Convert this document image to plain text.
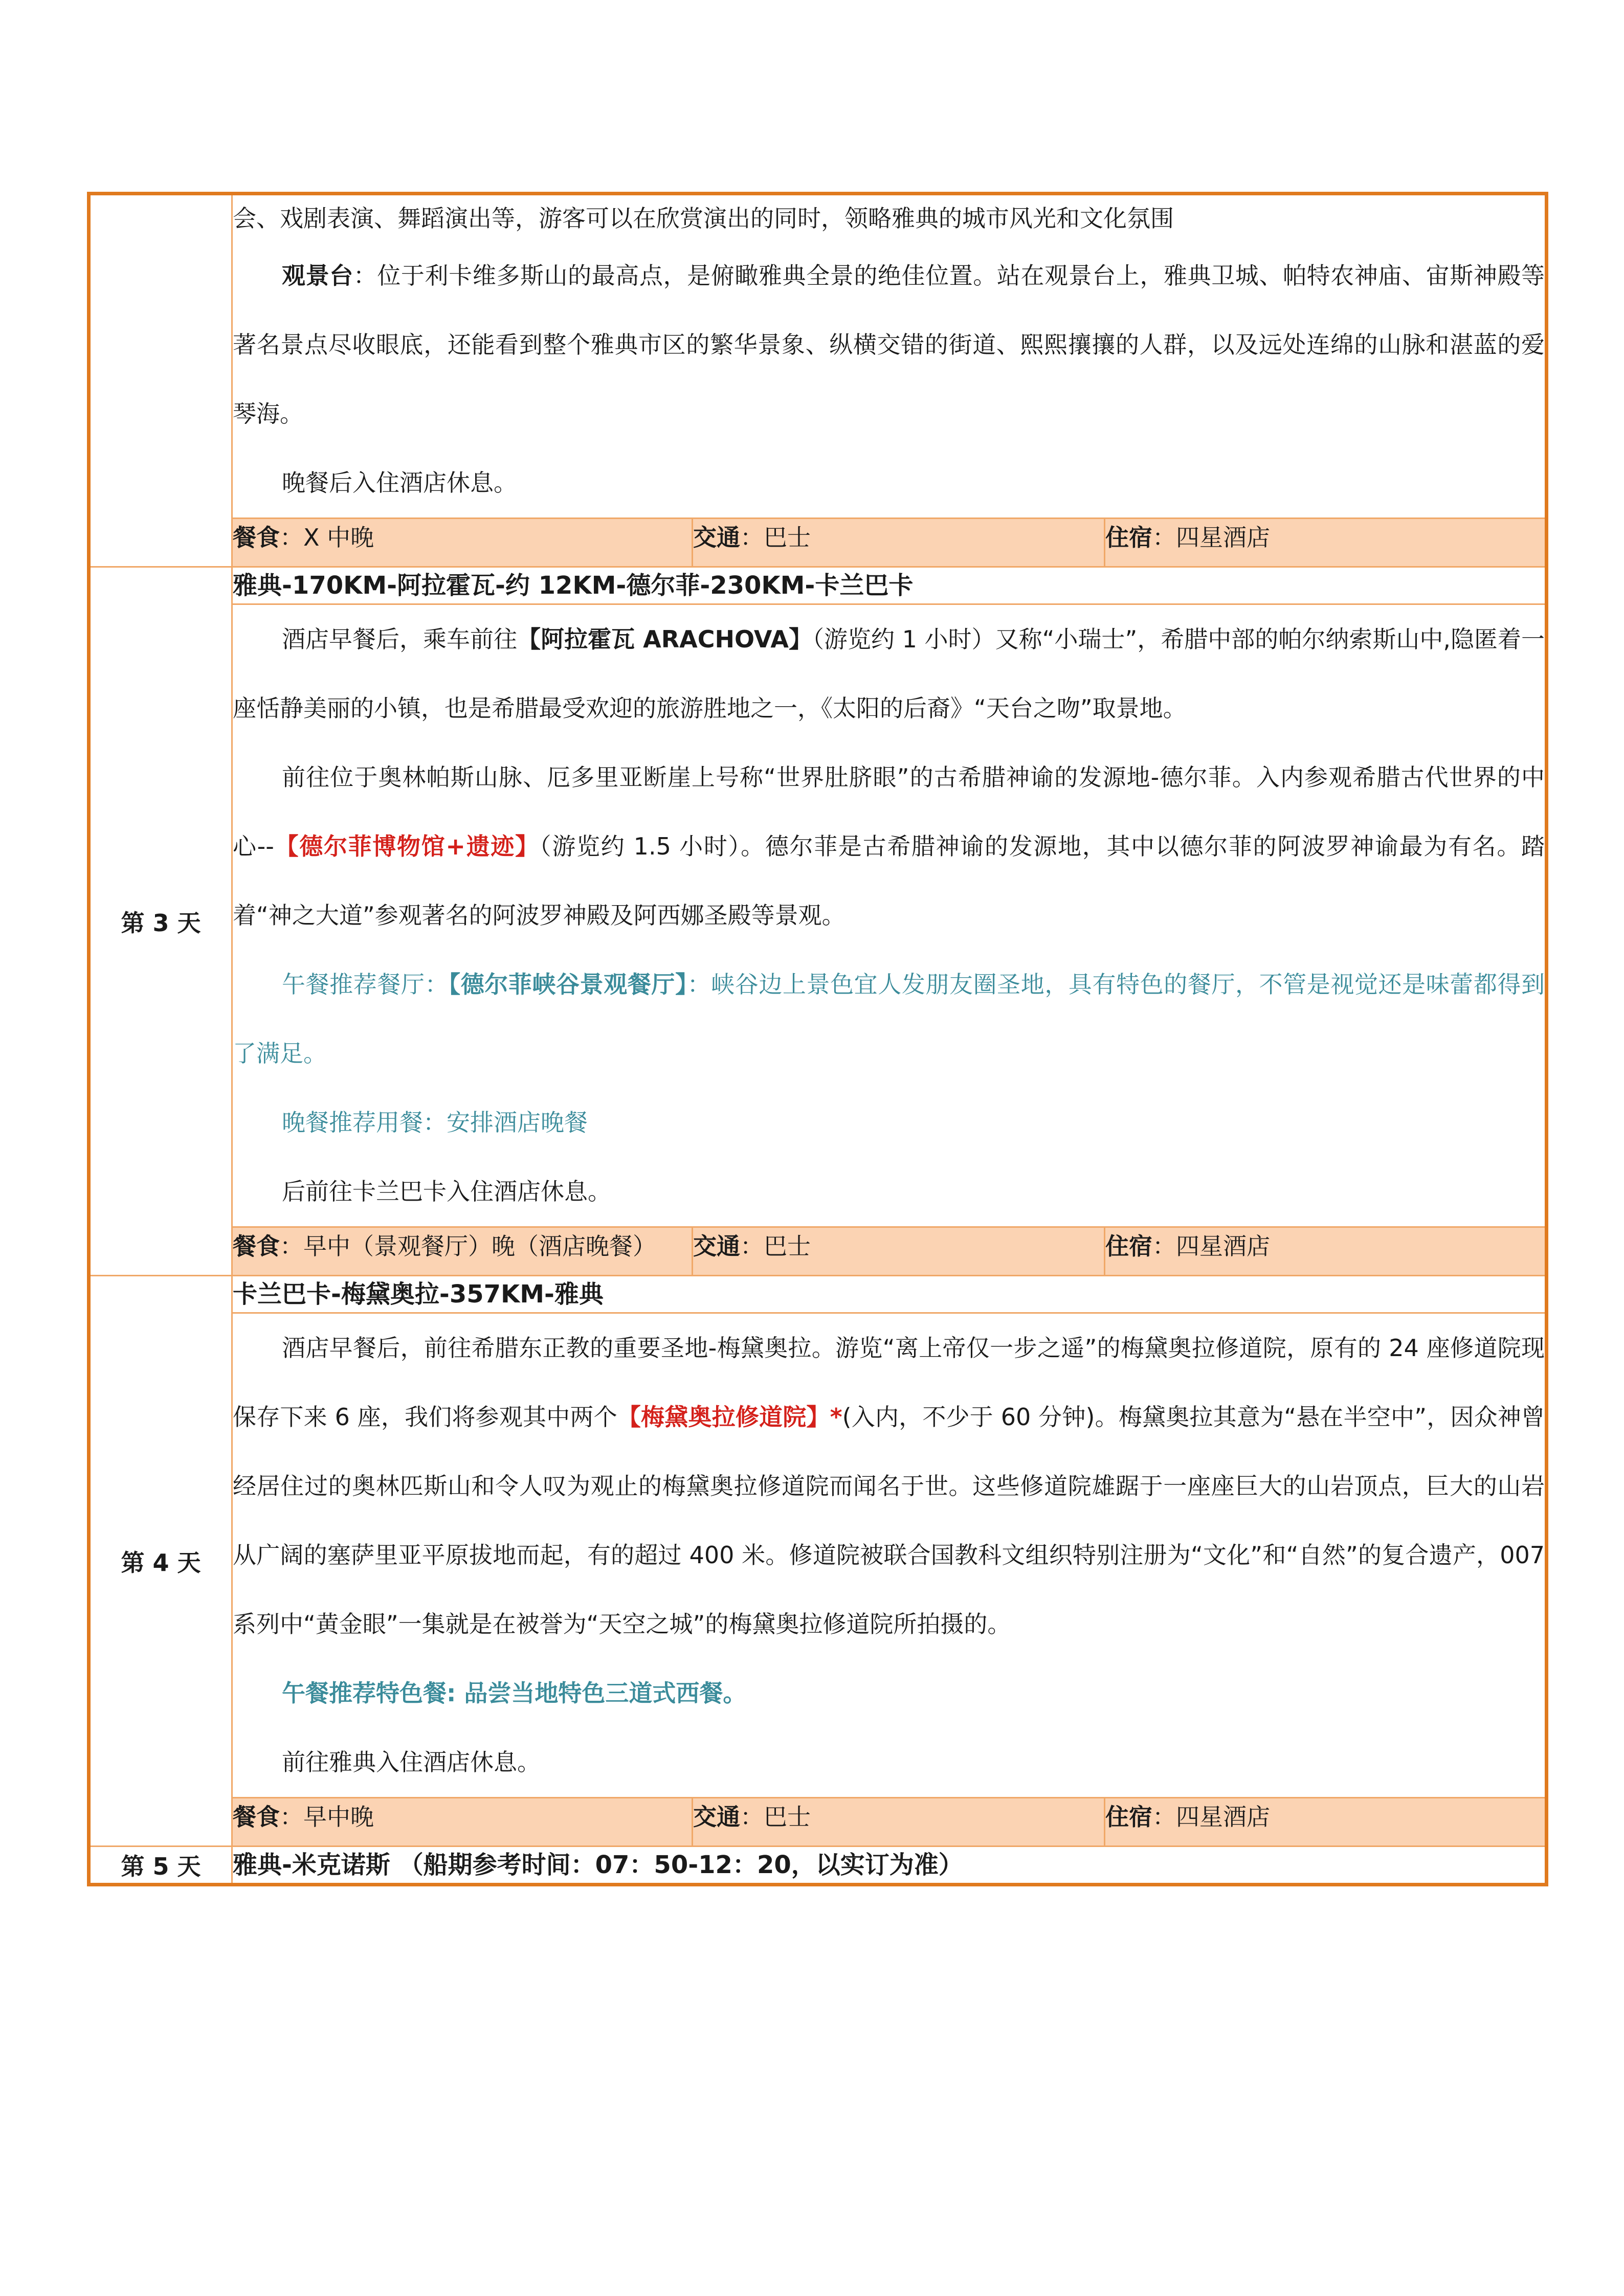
	会、戏剧表演、舞蹈演出等，游客可以在欣赏演出的同时，领略雅典的城市风光和文化氛围

观景台：位于利卡维多斯山的最高点，是俯瞰雅典全景的绝佳位置。站在观景台上，雅典卫城、帕特农神庙、宙斯神殿等著名景点尽收眼底，还能看到整个雅典市区的繁华景象、纵横交错的街道、熙熙攘攘的人群，以及远处连绵的山脉和湛蓝的爱琴海。

晚餐后入住酒店休息。		

	餐食：X 中晚	交通：巴士	住宿：四星酒店
第 3 天	雅典-170KM-阿拉霍瓦-约 12KM-德尔菲-230KM-卡兰巴卡		

	酒店早餐后，乘车前往【阿拉霍瓦 ARACHOVA】（游览约 1 小时）又称“小瑞士”，希腊中部的帕尔纳索斯山中,隐匿着一座恬静美丽的小镇，也是希腊最受欢迎的旅游胜地之一，《太阳的后裔》“天台之吻”取景地。

前往位于奥林帕斯山脉、厄多里亚断崖上号称“世界肚脐眼”的古希腊神谕的发源地-德尔菲。入内参观希腊古代世界的中心--【德尔菲博物馆+遗迹】（游览约 1.5 小时）。德尔菲是古希腊神谕的发源地，其中以德尔菲的阿波罗神谕最为有名。踏着“神之大道”参观著名的阿波罗神殿及阿西娜圣殿等景观。

午餐推荐餐厅：【德尔菲峡谷景观餐厅】：峡谷边上景色宜人发朋友圈圣地，具有特色的餐厅，不管是视觉还是味蕾都得到了满足。

晚餐推荐用餐：安排酒店晚餐

后前往卡兰巴卡入住酒店休息。		

	餐食：早中（景观餐厅）晚（酒店晚餐）	交通：巴士	住宿：四星酒店
第 4 天	卡兰巴卡-梅黛奥拉-357KM-雅典		

	酒店早餐后，前往希腊东正教的重要圣地-梅黛奥拉。游览“离上帝仅一步之遥”的梅黛奥拉修道院，原有的 24 座修道院现保存下来 6 座，我们将参观其中两个【梅黛奥拉修道院】*(入内，不少于 60 分钟)。梅黛奥拉其意为“悬在半空中”，因众神曾经居住过的奥林匹斯山和令人叹为观止的梅黛奥拉修道院而闻名于世。这些修道院雄踞于一座座巨大的山岩顶点，巨大的山岩从广阔的塞萨里亚平原拔地而起，有的超过 400 米。修道院被联合国教科文组织特别注册为“文化”和“自然”的复合遗产，007 系列中“黄金眼”一集就是在被誉为“天空之城”的梅黛奥拉修道院所拍摄的。

午餐推荐特色餐: 品尝当地特色三道式西餐。

前往雅典入住酒店休息。		

	餐食：早中晚	交通：巴士	住宿：四星酒店
第 5 天	雅典-米克诺斯 （船期参考时间：07：50-12：20，以实订为准）		
